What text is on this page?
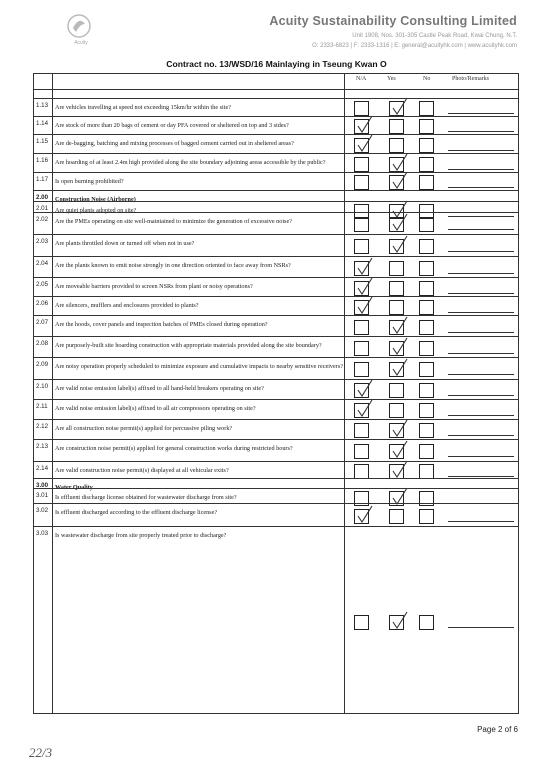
Acuity
Acuity Sustainability Consulting Limited
Unit 1908, Nos. 301-305 Castle Peak Road, Kwai Chung, N.T.
O: 2333-6823 | F: 2333-1316 | E: general@acuityhk.com | www.acuityhk.com
Contract no. 13/WSD/16 Mainlaying in Tseung Kwan O
N/A	Yes	No	Photo/Remarks
1.13 Are vehicles travelling at speed not exceeding 15km/hr within the site?
1.14 Are stock of more than 20 bags of cement or day PFA covered or sheltered on top and 3 sides?
1.15 Are de-bagging, batching and mixing processes of bagged cement carried out in sheltered areas?
1.16 Are hoarding of at least 2.4m high provided along the site boundary adjoining areas accessible by the public?
1.17 Is open burning prohibited?
2.00 Construction Noise (Airborne)
2.01 Are quiet plants adopted on site?
2.02 Are the PMEs operating on site well-maintained to minimize the generation of excessive noise?
2.03 Are plants throttled down or turned off when not in use?
2.04 Are the plants known to emit noise strongly in one direction oriented to face away from NSRs?
2.05 Are moveable barriers provided to screen NSRs from plant or noisy operations?
2.06 Are silencers, mufflers and enclosures provided to plants?
2.07 Are the hoods, cover panels and inspection hatches of PMEs closed during operation?
2.08 Are purposely-built site hoarding construction with appropriate materials provided along the site boundary?
2.09 Are noisy operation properly scheduled to minimize exposure and cumulative impacts to nearby sensitive receivers?
2.10 Are valid noise emission label(s) affixed to all hand-held breakers operating on site?
2.11 Are valid noise emission label(s) affixed to all air compressors operating on site?
2.12 Are all construction noise permit(s) applied for percussive piling work?
2.13 Are construction noise permit(s) applied for general construction works during restricted hours?
2.14 Are valid construction noise permit(s) displayed at all vehicular exits?
3.00 Water Quality
3.01 Is effluent discharge license obtained for wastewater discharge from site?
3.02 Is effluent discharged according to the effluent discharge license?
3.03 Is wastewater discharge from site properly treated prior to discharge?
Page 2 of 6
22/3
